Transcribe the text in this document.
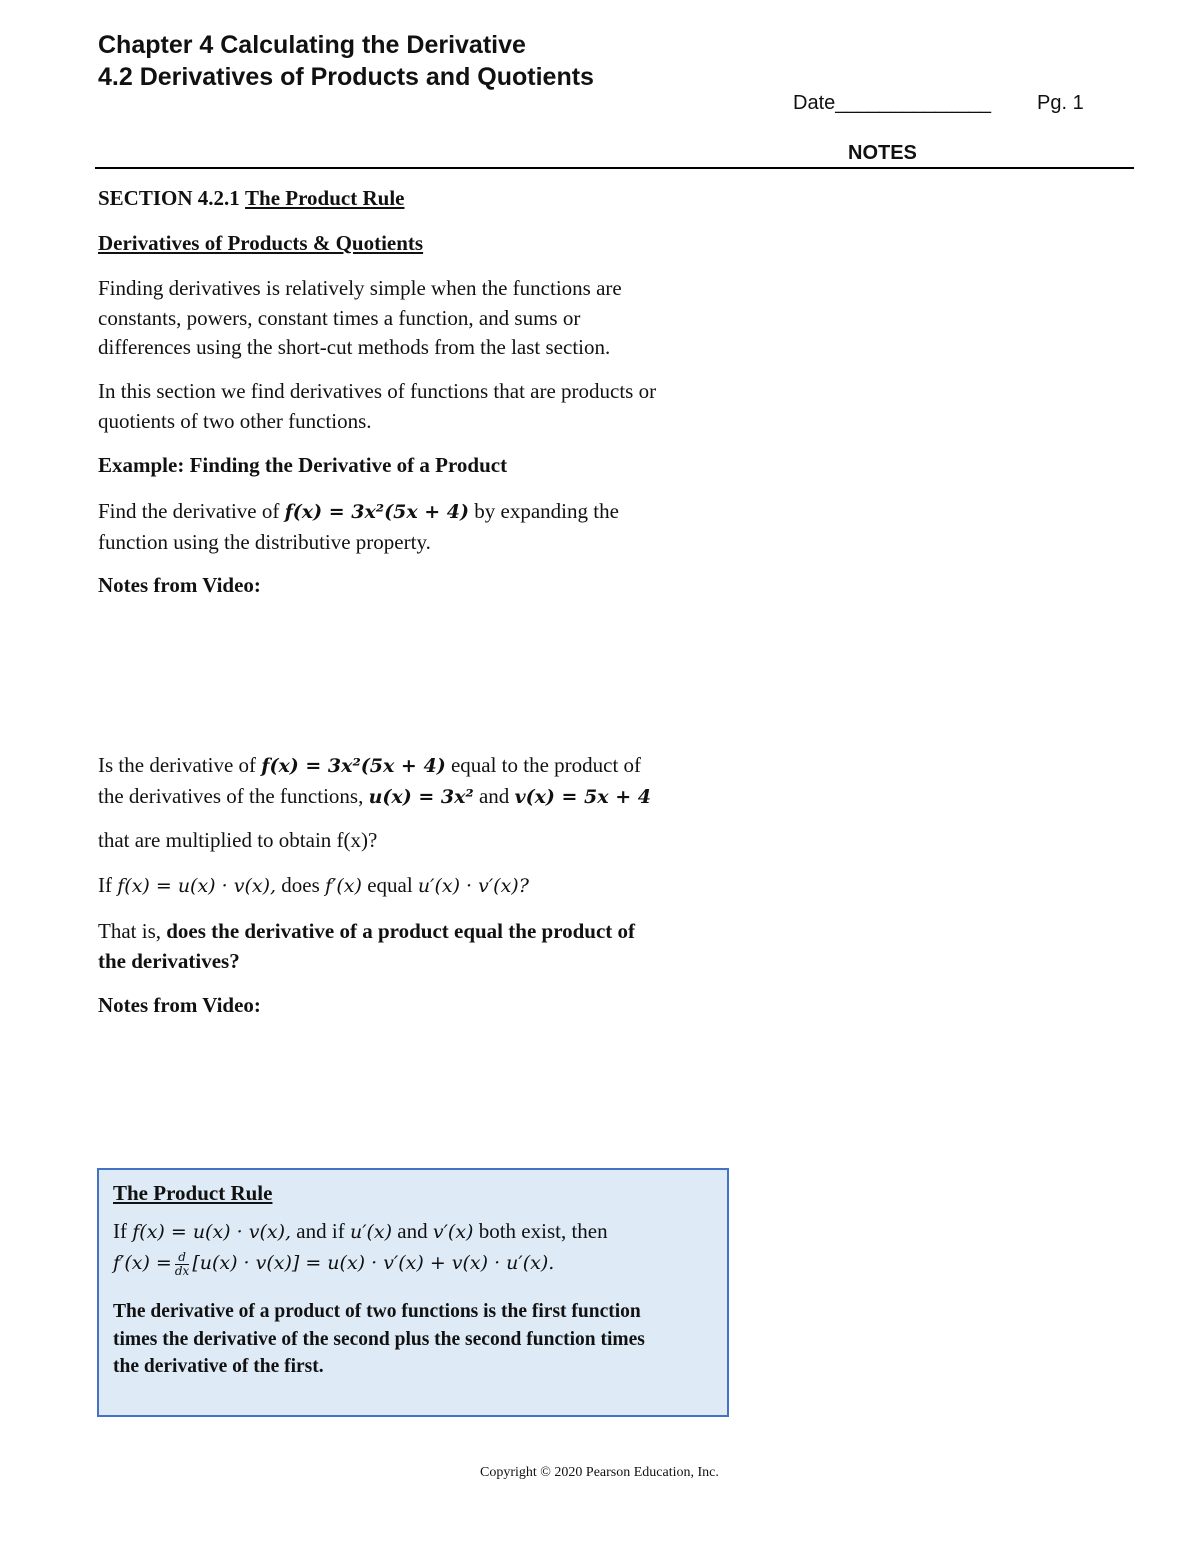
Chapter 4 Calculating the Derivative
4.2 Derivatives of Products and Quotients
Date______________ Pg. 1
NOTES
SECTION 4.2.1 The Product Rule
Derivatives of Products & Quotients

Finding derivatives is relatively simple when the functions are

constants, powers, constant times a function, and sums or

differences using the short-cut methods from the last section.

In this section we find derivatives of functions that are products or

quotients of two other functions.

Example: Finding the Derivative of a Product

Find the derivative of f(x) = 3x²(5x + 4) by expanding the

function using the distributive property.

Notes from Video:

Is the derivative of f(x) = 3x²(5x + 4) equal to the product of

the derivatives of the functions, u(x) = 3x² and v(x) = 5x + 4

that are multiplied to obtain f(x)?
If f(x) = u(x) · v(x), does f′(x) equal u′(x) · v′(x)?

That is, does the derivative of a product equal the product of

the derivatives?

Notes from Video:

The Product Rule

If f(x) = u(x) · v(x), and if u′(x) and v′(x) both exist, then

$f'(x) = \frac{d}{dx} [u(x) \cdot v(x)] = u(x) \cdot v'(x) + v(x) \cdot u'(x)$.

The derivative of a product of two functions is the first function
times the derivative of the second plus the second function times
the derivative of the first.

Copyright © 2020 Pearson Education, Inc.
